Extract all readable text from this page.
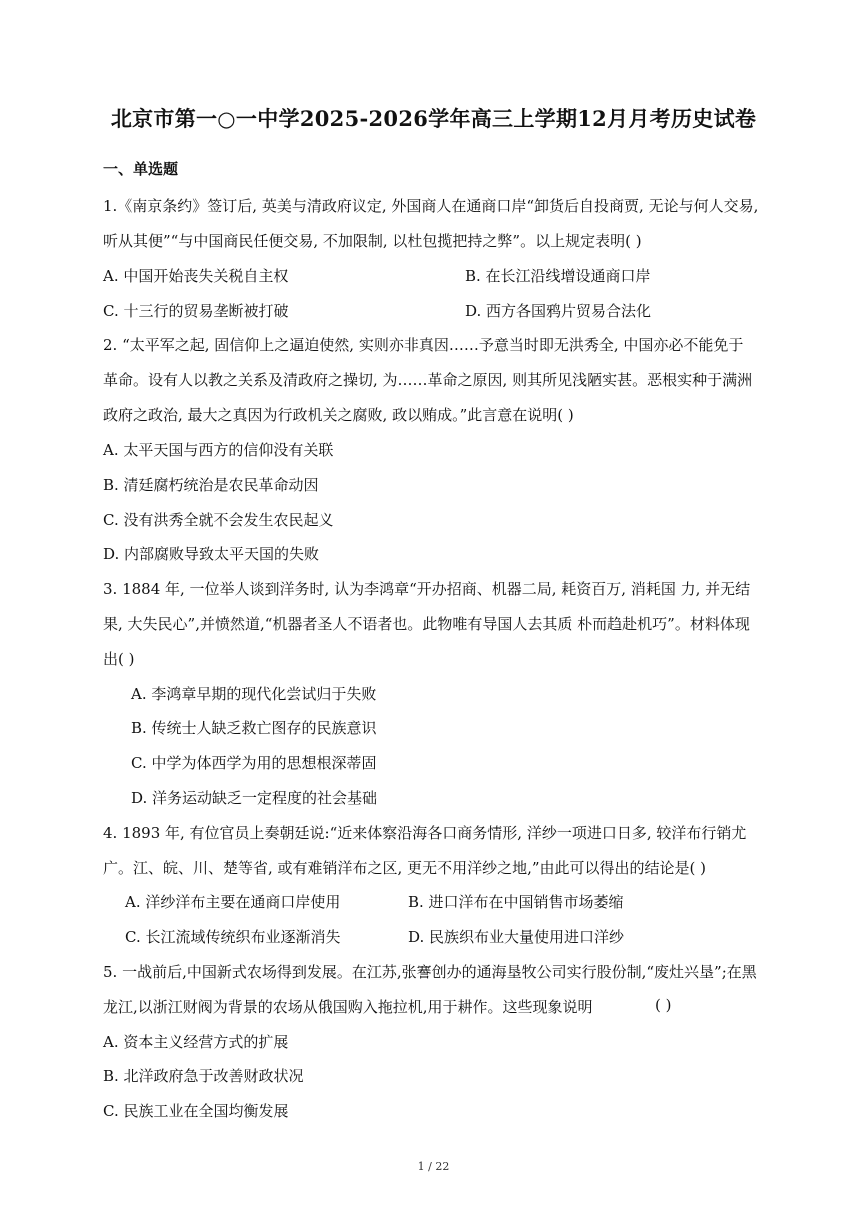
北京市第一○一中学2025-2026学年高三上学期12月月考历史试卷
一、单选题
1.《南京条约》签订后, 英美与清政府议定, 外国商人在通商口岸“卸货后自投商贾, 无论与何人交易,
听从其便”“与中国商民任便交易, 不加限制, 以杜包揽把持之弊”。以上规定表明( )
A. 中国开始丧失关税自主权	B. 在长江沿线增设通商口岸
C. 十三行的贸易垄断被打破	D. 西方各国鸦片贸易合法化
2. “太平军之起, 固信仰上之逼迫使然, 实则亦非真因……予意当时即无洪秀全, 中国亦必不能免于
革命。设有人以教之关系及清政府之操切, 为……革命之原因, 则其所见浅陋实甚。恶根实种于满洲
政府之政治, 最大之真因为行政机关之腐败, 政以贿成。”此言意在说明( )
A. 太平天国与西方的信仰没有关联
B. 清廷腐朽统治是农民革命动因
C. 没有洪秀全就不会发生农民起义
D. 内部腐败导致太平天国的失败
3. 1884 年, 一位举人谈到洋务时, 认为李鸿章“开办招商、机器二局, 耗资百万, 消耗国 力, 并无结
果, 大失民心”,并愤然道,“机器者圣人不语者也。此物唯有导国人去其质 朴而趋赴机巧”。材料体现
出( )
A. 李鸿章早期的现代化尝试归于失败
B. 传统士人缺乏救亡图存的民族意识
C. 中学为体西学为用的思想根深蒂固
D. 洋务运动缺乏一定程度的社会基础
4. 1893 年, 有位官员上奏朝廷说:“近来体察沿海各口商务情形, 洋纱一项进口日多, 较洋布行销尤
广。江、皖、川、楚等省, 或有难销洋布之区, 更无不用洋纱之地,”由此可以得出的结论是( )
A. 洋纱洋布主要在通商口岸使用	B. 进口洋布在中国销售市场萎缩
C. 长江流域传统织布业逐渐消失	D. 民族织布业大量使用进口洋纱
5. 一战前后,中国新式农场得到发展。在江苏,张謇创办的通海垦牧公司实行股份制,“废灶兴垦”;在黑
龙江,以浙江财阀为背景的农场从俄国购入拖拉机,用于耕作。这些现象说明	( )
A. 资本主义经营方式的扩展
B. 北洋政府急于改善财政状况
C. 民族工业在全国均衡发展
1 / 22
